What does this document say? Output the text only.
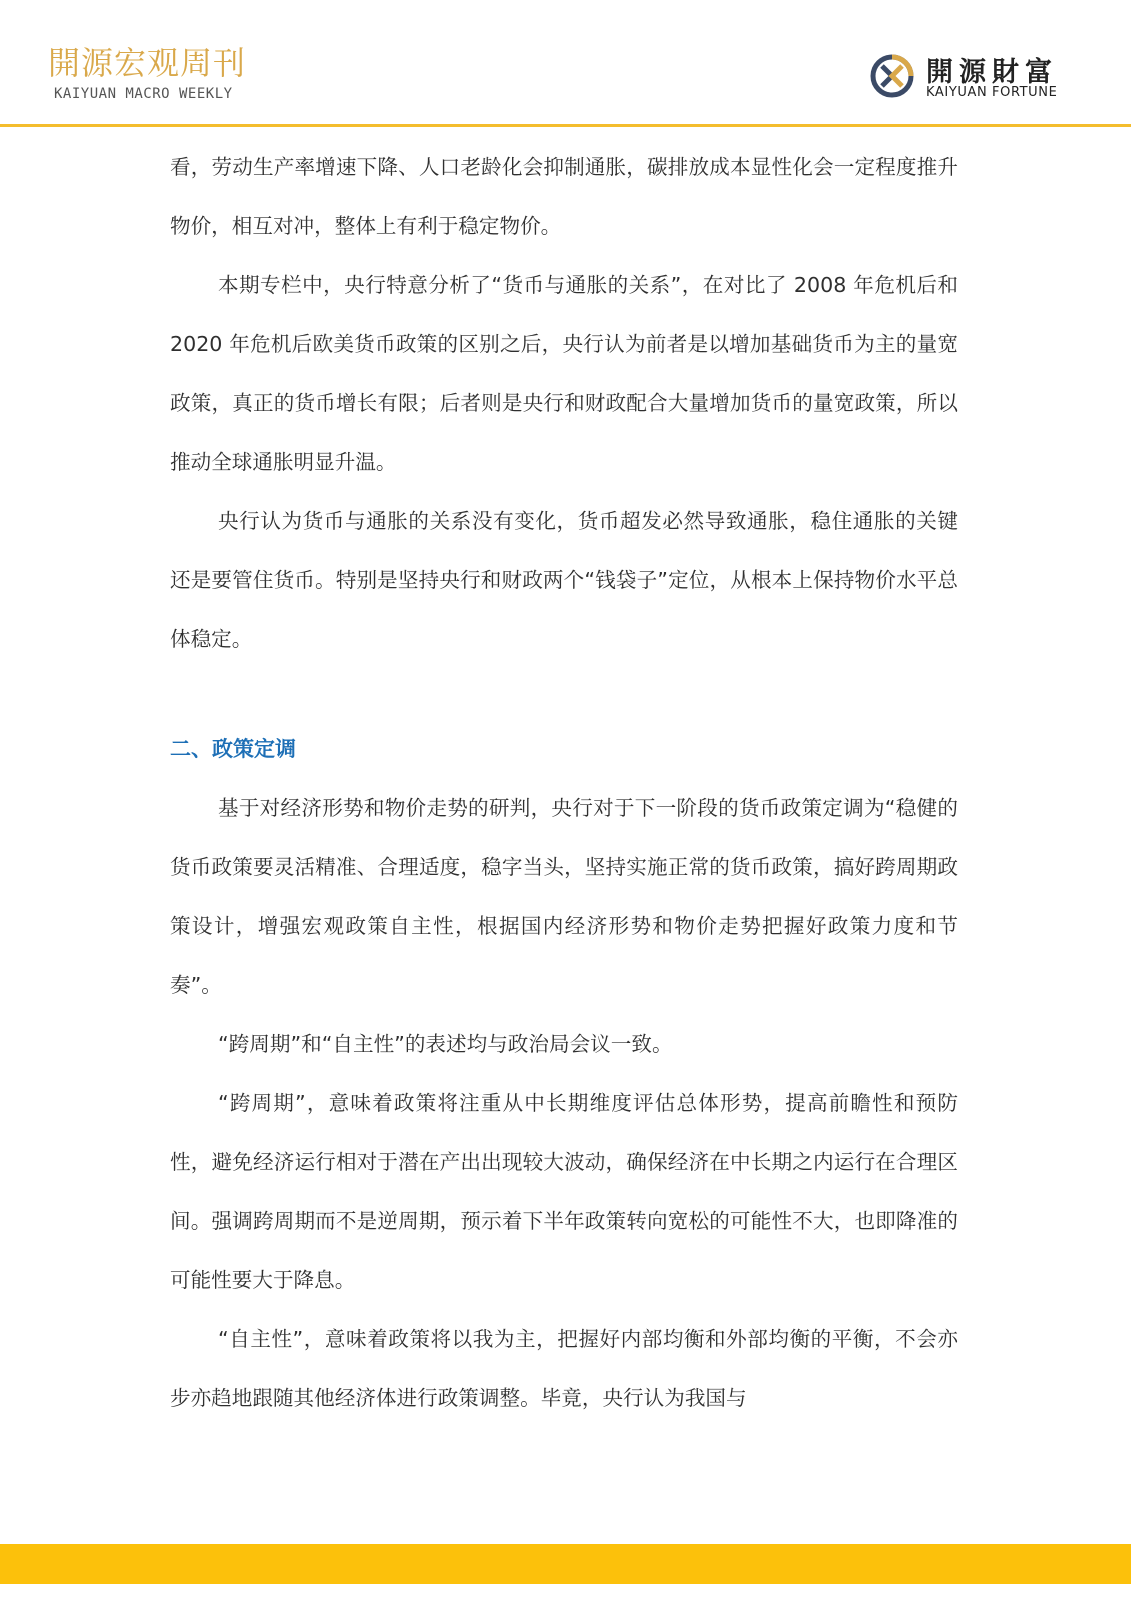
開源宏观周刊
KAIYUAN MACRO WEEKLY
開源財富
KAIYUAN FORTUNE

看，劳动生产率增速下降、人口老龄化会抑制通胀，碳排放成本显性化会一定程度推升物价，相互对冲，整体上有利于稳定物价。

本期专栏中，央行特意分析了“货币与通胀的关系”，在对比了 2008 年危机后和 2020 年危机后欧美货币政策的区别之后，央行认为前者是以增加基础货币为主的量宽政策，真正的货币增长有限；后者则是央行和财政配合大量增加货币的量宽政策，所以推动全球通胀明显升温。

央行认为货币与通胀的关系没有变化，货币超发必然导致通胀，稳住通胀的关键还是要管住货币。特别是坚持央行和财政两个“钱袋子”定位，从根本上保持物价水平总体稳定。

二、政策定调

基于对经济形势和物价走势的研判，央行对于下一阶段的货币政策定调为“稳健的货币政策要灵活精准、合理适度，稳字当头，坚持实施正常的货币政策，搞好跨周期政策设计，增强宏观政策自主性，根据国内经济形势和物价走势把握好政策力度和节奏”。

“跨周期”和“自主性”的表述均与政治局会议一致。

“跨周期”，意味着政策将注重从中长期维度评估总体形势，提高前瞻性和预防性，避免经济运行相对于潜在产出出现较大波动，确保经济在中长期之内运行在合理区间。强调跨周期而不是逆周期，预示着下半年政策转向宽松的可能性不大，也即降准的可能性要大于降息。

“自主性”，意味着政策将以我为主，把握好内部均衡和外部均衡的平衡，不会亦步亦趋地跟随其他经济体进行政策调整。毕竟，央行认为我国与
